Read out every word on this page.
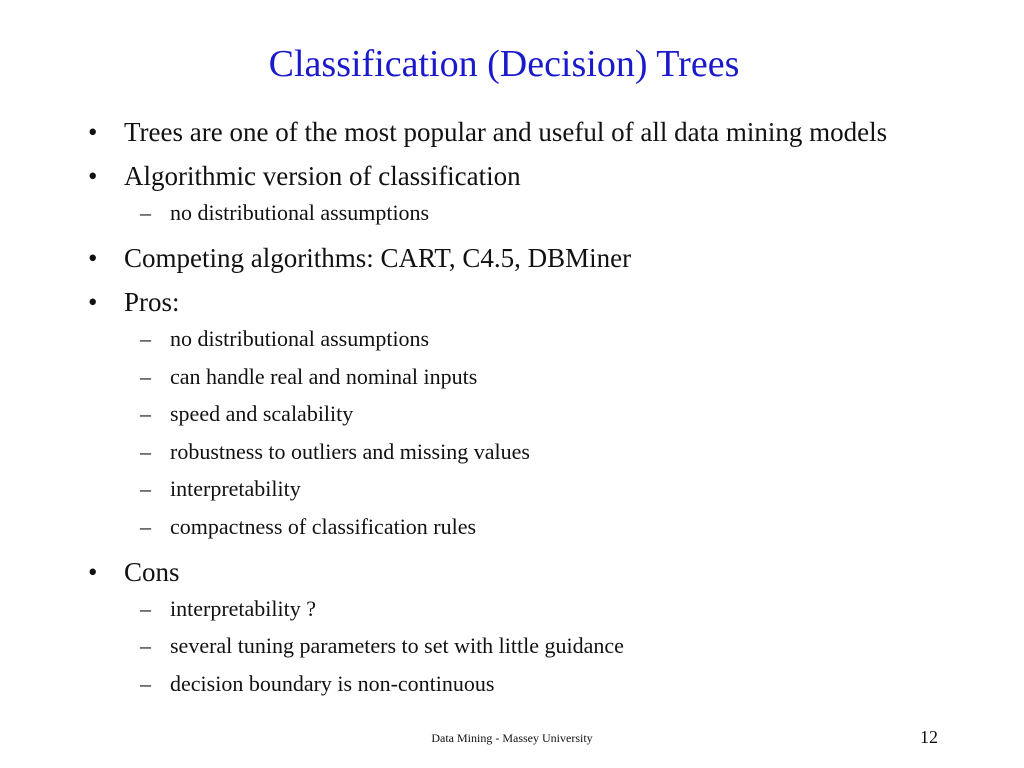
Classification (Decision) Trees
• Trees are one of the most popular and useful of all data mining models
• Algorithmic version of classification
– no distributional assumptions
• Competing algorithms: CART, C4.5, DBMiner
• Pros:
– no distributional assumptions
– can handle real and nominal inputs
– speed and scalability
– robustness to outliers and missing values
– interpretability
– compactness of classification rules
• Cons
– interpretability ?
– several tuning parameters to set with little guidance
– decision boundary is non-continuous
Data Mining - Massey University	12
